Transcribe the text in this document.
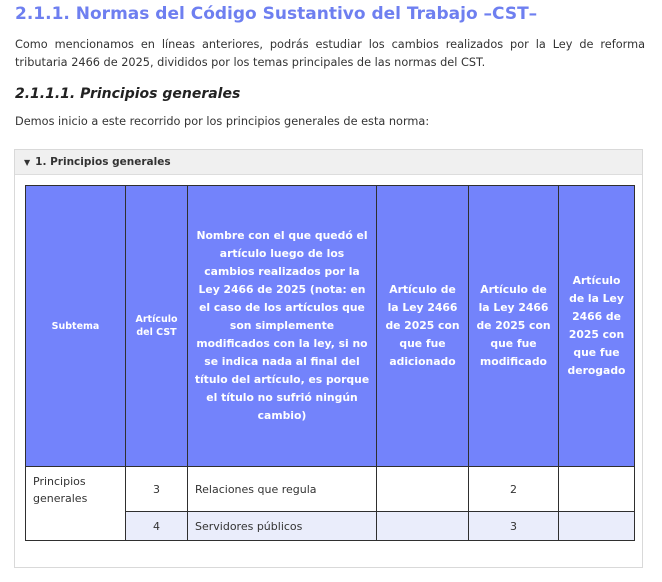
2.1.1. Normas del Código Sustantivo del Trabajo –CST–

Como mencionamos en líneas anteriores, podrás estudiar los cambios realizados por la Ley de reforma tributaria 2466 de 2025, divididos por los temas principales de las normas del CST.

2.1.1.1. Principios generales

Demos inicio a este recorrido por los principios generales de esta norma:

▼ 1. Principios generales
Subtema	Artículo del CST	Nombre con el que quedó el artículo luego de los cambios realizados por la Ley 2466 de 2025 (nota: en el caso de los artículos que son simplemente modificados con la ley, si no se indica nada al final del título del artículo, es porque el título no sufrió ningún cambio)	Artículo de la Ley 2466 de 2025 con que fue adicionado	Artículo de la Ley 2466 de 2025 con que fue modificado	Artículo de la Ley 2466 de 2025 con que fue derogado
Principios generales	3	Relaciones que regula		2	
	4	Servidores públicos		3	
